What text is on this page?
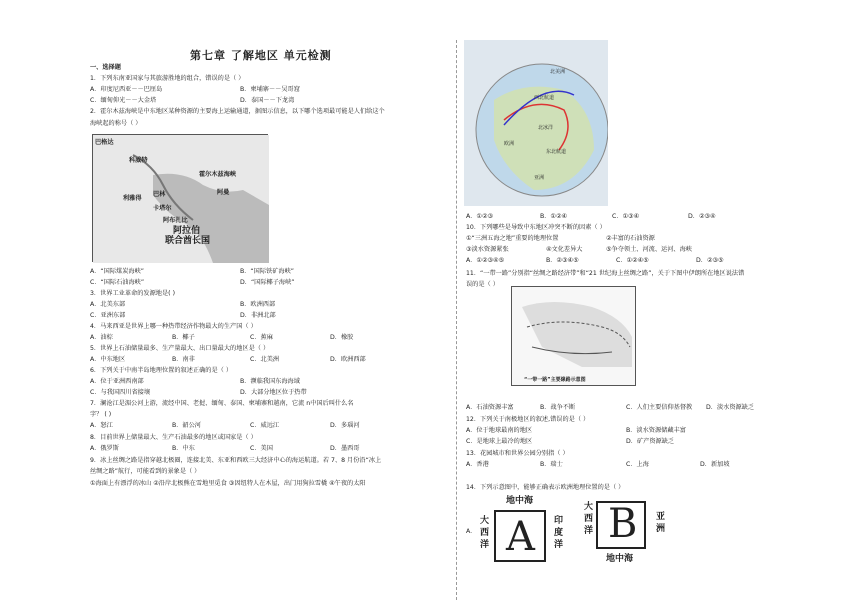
第七章 了解地区 单元检测
巴格达
科威特
利雅得
巴林
卡塔尔
霍尔木兹海峡
阿曼
阿布扎比
阿拉伯
联合酋长国
北美洲
西北航道
北冰洋
欧洲
东北航道
亚洲
“一带一路”主要線路示意图
A.
地中海
大西洋 A 印度洋
大西洋 B 亚洲
地中海
一、选择题
1．下列东南亚国家与其旅游胜地的组合，错误的是（ ）
A．印度尼西亚－－巴厘岛	B．柬埔寨－－吴哥窟
C．缅甸仰光－－大金塔	D．泰国－－下龙湾
2．霍尔木兹海峡是中东地区某种资源的主要海上运输通道，据图示信息，以下哪个选项最可能是人们给这个
海峡起的称号（ ）
A．“国际煤炭海峡”	B．“国际铁矿海峡”
C．“国际石油海峡”	D．“国际椰子海峡”
3．世界工业革命的发源地是( )
A．北美东部	B．欧洲西部
C．亚洲东部	D．非洲北部
4．马来西亚是世界上哪一种热带经济作物最大的生产国（ ）
A．油棕	B．椰子	C．蕉麻	D．橡胶
5．世界上石油储量最多、生产量最大、出口量最大的地区是（ ）
A．中东地区	B．南非	C．北美洲	D．欧洲西部
6．下列关于中南半岛地理位置的叙述正确的是（ ）
A．位于亚洲西南部	B．濒临我国东海海域
C．与我国四川省接壤	D．大部分地区位于热带
7．澜沧江是湄公河上游，流经中国、老挝、缅甸、泰国、柬埔寨和越南，它流 n中国后叫什么名
字？ ( )
A．怒江	B．韶公河	C．威远江	D．多瑙河
8．目前世界上储量最大、生产石油最多的地区或国家是（ ）
A．俄罗斯	B．中东	C．美国	D．墨西哥
9．冰上丝绸之路是指穿越北极圈，连接北美、东亚和西欧三大经济中心的海运航道。若 7、8 月份沿“冰上
丝绸之路”航行，可能看到的景象是（ ）
①海面上有漂浮的冰山 ②沿岸北极熊在雪地里觅食 ③因纽特人在木屋，出门用狗拉雪橇 ④午夜的太阳
A．①②③	B．①②④	C．①③④	D．②③④
10．下列哪些是导致中东地区冲突不断的因素（ ）
①“三洲五海之地”重要的地理位置	②丰富的石油资源
③淡水资源紧张	④文化差异大	⑤争夺领土、河流、运河、海峡
A．①②③④⑤	B．②③④⑤	C．①②④⑤	D．②③⑤
11．“一带一路”分别指“丝绸之路经济带”和“21 世纪海上丝绸之路”，关于下图中伊朗所在地区说法错
误的是（ ）
A．石油资源丰富	B．战争不断	C．人们主要信仰基督教 D．淡水资源缺乏
12．下列关于南极地区的叙述,错误的是（ ）
A．位于地球最南的地区	B．淡水资源储藏丰富
C．是地球上最冷的地区	D．矿产资源缺乏
13．花园城市和世界公园分别指（ ）
A．香港	B．瑞士	C．上海	D．新加坡
14．下列示意图中，能够正确表示欧洲地理位置的是（ ）
